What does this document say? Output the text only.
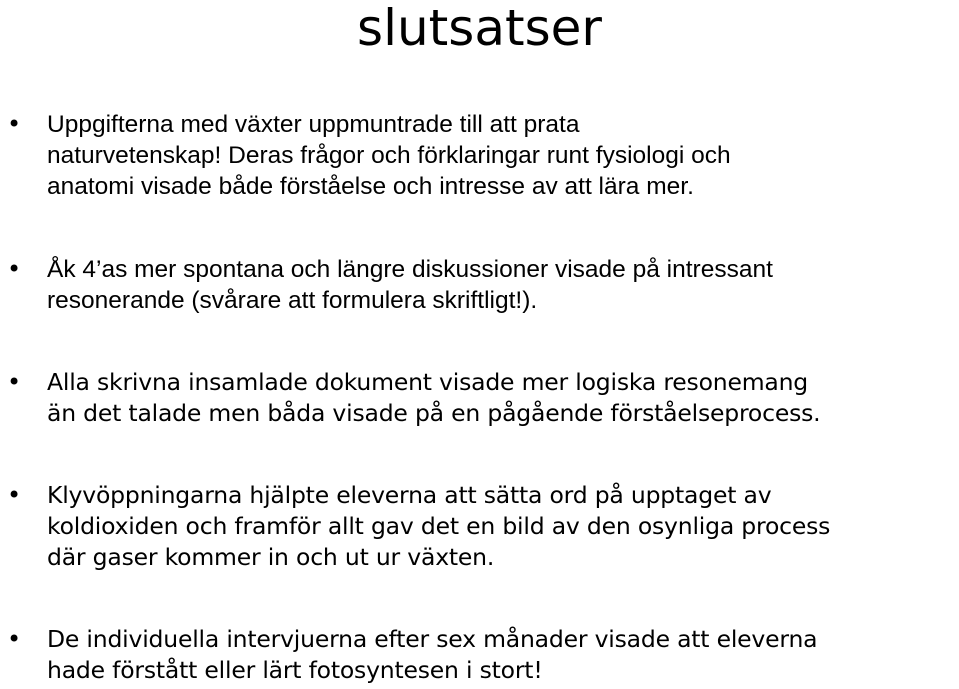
slutsatser
• Uppgifterna med växter uppmuntrade till att prata
naturvetenskap! Deras frågor och förklaringar runt fysiologi och
anatomi visade både förståelse och intresse av att lära mer.
• Åk 4’as mer spontana och längre diskussioner visade på intressant
resonerande (svårare att formulera skriftligt!).
• Alla skrivna insamlade dokument visade mer logiska resonemang
än det talade men båda visade på en pågående förståelseprocess.
• Klyvöppningarna hjälpte eleverna att sätta ord på upptaget av
koldioxiden och framför allt gav det en bild av den osynliga process
där gaser kommer in och ut ur växten.
• De individuella intervjuerna efter sex månader visade att eleverna
hade förstått eller lärt fotosyntesen i stort!
